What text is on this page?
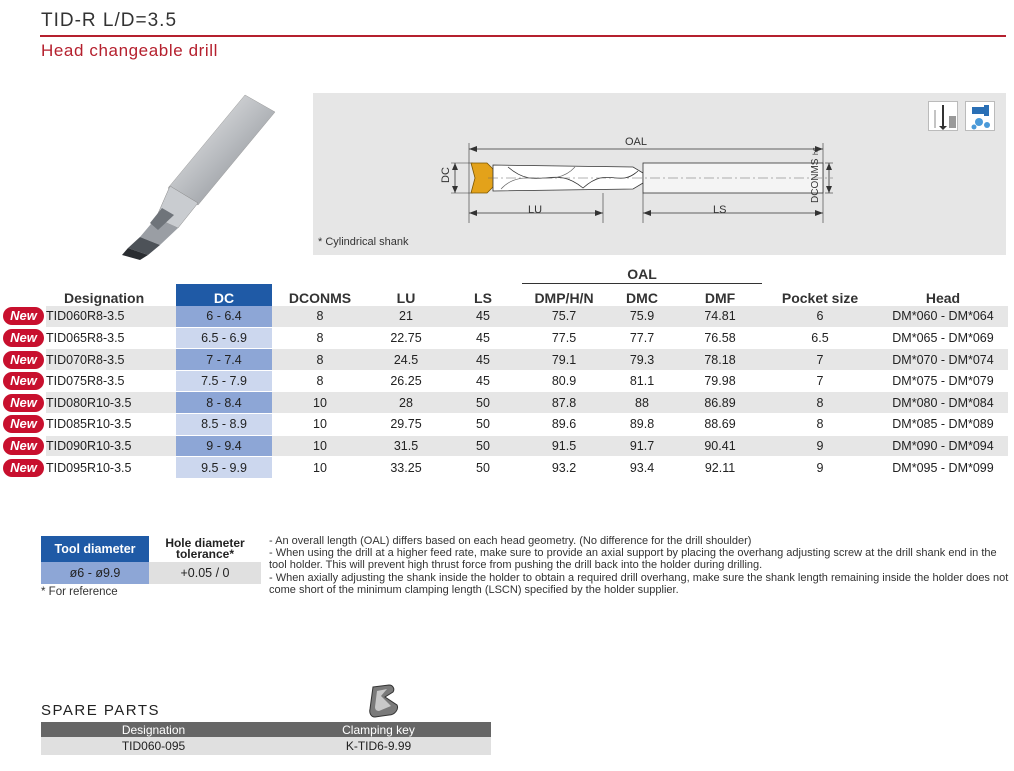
TID-R L/D=3.5
Head changeable drill
OAL
DC
LU	LS
DCONMS
h6
* Cylindrical shank
						OAL				
Designation		DC	DCONMS	LU	LS	DMP/H/N	DMC	DMF	Pocket size	Head
New	TID060R8-3.5	6 - 6.4	8	21	45	75.7	75.9	74.81	6	DM*060 - DM*064
New	TID065R8-3.5	6.5 - 6.9	8	22.75	45	77.5	77.7	76.58	6.5	DM*065 - DM*069
New	TID070R8-3.5	7 - 7.4	8	24.5	45	79.1	79.3	78.18	7	DM*070 - DM*074
New	TID075R8-3.5	7.5 - 7.9	8	26.25	45	80.9	81.1	79.98	7	DM*075 - DM*079
New	TID080R10-3.5	8 - 8.4	10	28	50	87.8	88	86.89	8	DM*080 - DM*084
New	TID085R10-3.5	8.5 - 8.9	10	29.75	50	89.6	89.8	88.69	8	DM*085 - DM*089
New	TID090R10-3.5	9 - 9.4	10	31.5	50	91.5	91.7	90.41	9	DM*090 - DM*094
New	TID095R10-3.5	9.5 - 9.9	10	33.25	50	93.2	93.4	92.11	9	DM*095 - DM*099
Tool diameter	Hole diameter
tolerance*
ø6 - ø9.9	+0.05 / 0
* For reference
- An overall length (OAL) differs based on each head geometry. (No difference for the drill shoulder)
- When using the drill at a higher feed rate, make sure to provide an axial support by placing the overhang adjusting screw at the drill shank end in the tool holder. This will prevent high thrust force from pushing the drill back into the holder during drilling.
- When axially adjusting the shank inside the holder to obtain a required drill overhang, make sure the shank length remaining inside the holder does not come short of the minimum clamping length (LSCN) specified by the holder supplier.
SPARE PARTS
Designation	Clamping key
TID060-095	K-TID6-9.99
